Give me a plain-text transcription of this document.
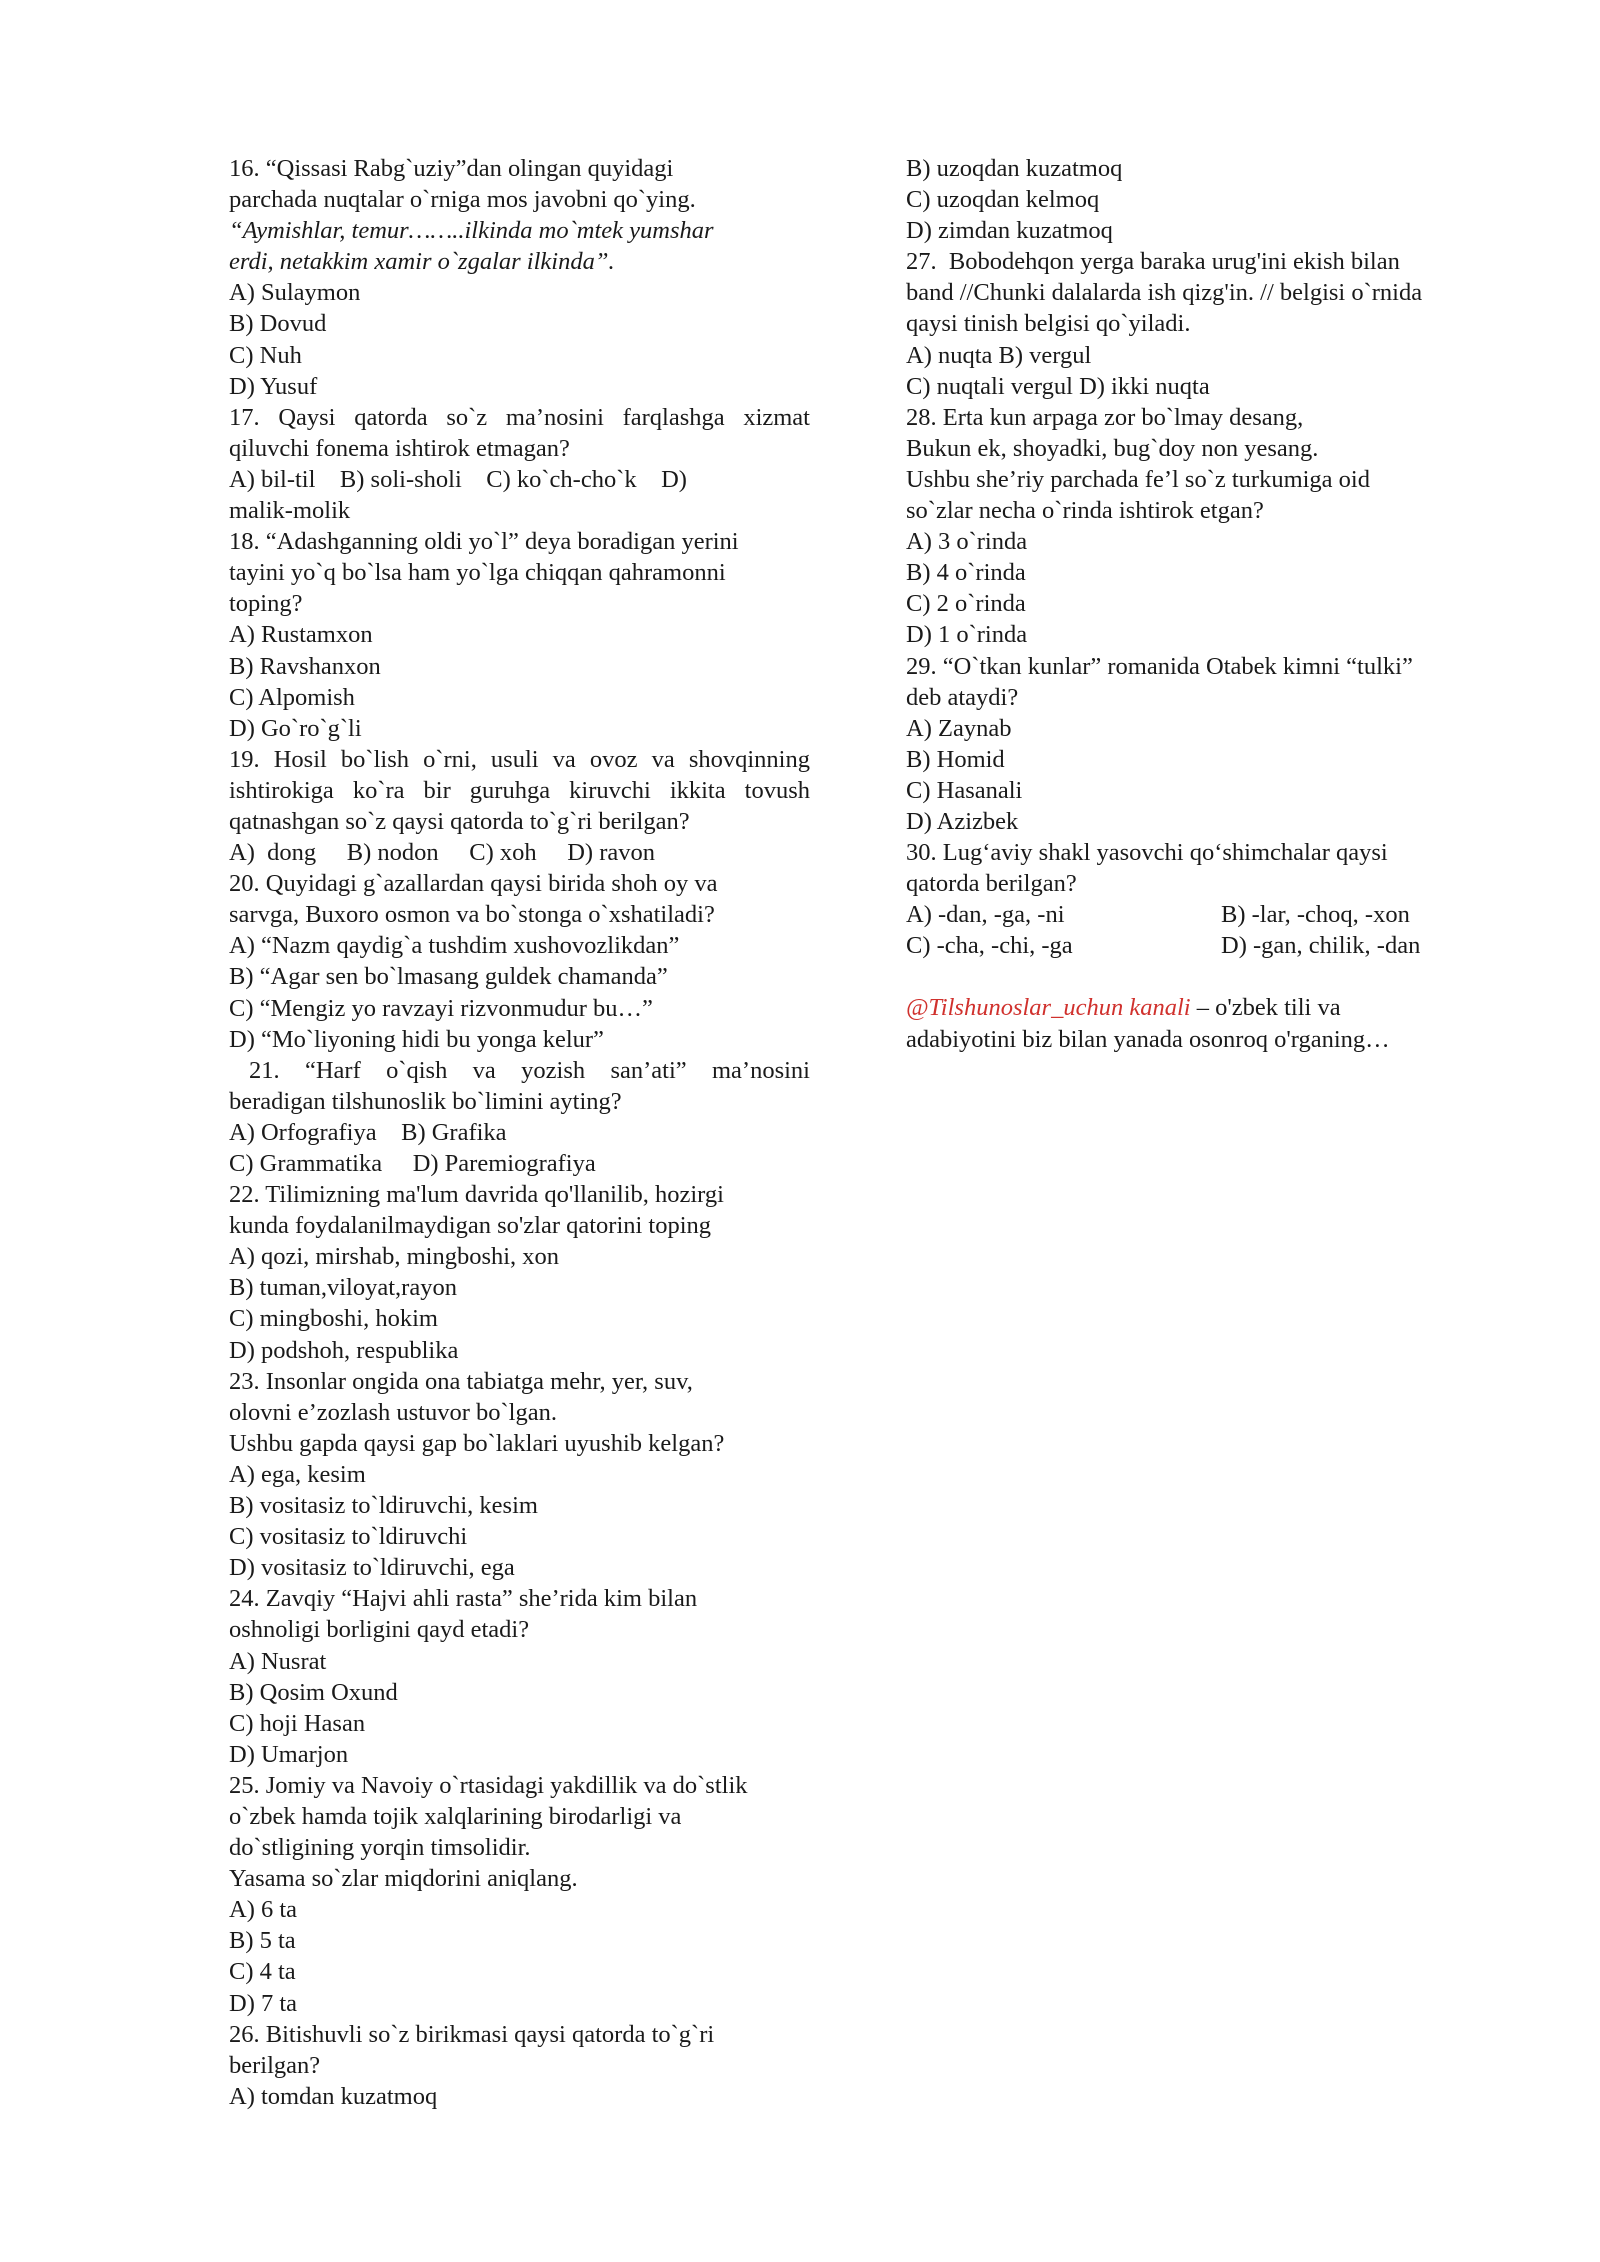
16. “Qissasi Rabg`uziy”dan olingan quyidagi
parchada nuqtalar o`rniga mos javobni qo`ying.
“Aymishlar, temur……..ilkinda mo`mtek yumshar
erdi, netakkim xamir o`zgalar ilkinda”.
A) Sulaymon
B) Dovud
C) Nuh
D) Yusuf
17. Qaysi qatorda so`z ma’nosini farqlashga xizmat
qiluvchi fonema ishtirok etmagan?
A) bil-til    B) soli-sholi    C) ko`ch-cho`k    D)
malik-molik
18. “Adashganning oldi yo`l” deya boradigan yerini
tayini yo`q bo`lsa ham yo`lga chiqqan qahramonni
toping?
A) Rustamxon
B) Ravshanxon
C) Alpomish
D) Go`ro`g`li
19. Hosil bo`lish o`rni, usuli va ovoz va shovqinning
ishtirokiga ko`ra bir guruhga kiruvchi ikkita tovush
qatnashgan so`z qaysi qatorda to`g`ri berilgan?
A)  dong     B) nodon     C) xoh     D) ravon
20. Quyidagi g`azallardan qaysi birida shoh oy va
sarvga, Buxoro osmon va bo`stonga o`xshatiladi?
A) “Nazm qaydig`a tushdim xushovozlikdan”
B) “Agar sen bo`lmasang guldek chamanda”
C) “Mengiz yo ravzayi rizvonmudur bu…”
D) “Mo`liyoning hidi bu yonga kelur”
21. “Harf o`qish va yozish san’ati” ma’nosini
beradigan tilshunoslik bo`limini ayting?
A) Orfografiya    B) Grafika
C) Grammatika     D) Paremiografiya
22. Tilimizning ma'lum davrida qo'llanilib, hozirgi
kunda foydalanilmaydigan so'zlar qatorini toping
A) qozi, mirshab, mingboshi, xon
B) tuman,viloyat,rayon
C) mingboshi, hokim
D) podshoh, respublika
23. Insonlar ongida ona tabiatga mehr, yer, suv,
olovni e’zozlash ustuvor bo`lgan.
Ushbu gapda qaysi gap bo`laklari uyushib kelgan?
A) ega, kesim
B) vositasiz to`ldiruvchi, kesim
C) vositasiz to`ldiruvchi
D) vositasiz to`ldiruvchi, ega
24. Zavqiy “Hajvi ahli rasta” she’rida kim bilan
oshnoligi borligini qayd etadi?
A) Nusrat
B) Qosim Oxund
C) hoji Hasan
D) Umarjon
25. Jomiy va Navoiy o`rtasidagi yakdillik va do`stlik
o`zbek hamda tojik xalqlarining birodarligi va
do`stligining yorqin timsolidir.
Yasama so`zlar miqdorini aniqlang.
A) 6 ta
B) 5 ta
C) 4 ta
D) 7 ta
26. Bitishuvli so`z birikmasi qaysi qatorda to`g`ri
berilgan?
A) tomdan kuzatmoq
B) uzoqdan kuzatmoq
C) uzoqdan kelmoq
D) zimdan kuzatmoq
27.  Bobodehqon yerga baraka urug'ini ekish bilan
band //Chunki dalalarda ish qizg'in. // belgisi o`rnida
qaysi tinish belgisi qo`yiladi.
A) nuqta B) vergul
C) nuqtali vergul D) ikki nuqta
28. Erta kun arpaga zor bo`lmay desang,
Bukun ek, shoyadki, bug`doy non yesang.
Ushbu she’riy parchada fe’l so`z turkumiga oid
so`zlar necha o`rinda ishtirok etgan?
A) 3 o`rinda
B) 4 o`rinda
C) 2 o`rinda
D) 1 o`rinda
29. “O`tkan kunlar” romanida Otabek kimni “tulki”
deb ataydi?
A) Zaynab
B) Homid
C) Hasanali
D) Azizbek
30. Lug‘aviy shakl yasovchi qo‘shimchalar qaysi
qatorda berilgan?
A) -dan, -ga, -ni	B) -lar, -choq, -xon
C) -cha, -chi, -ga	D) -gan, chilik, -dan
@Tilshunoslar_uchun kanali – o'zbek tili va
adabiyotini biz bilan yanada osonroq o'rganing…
